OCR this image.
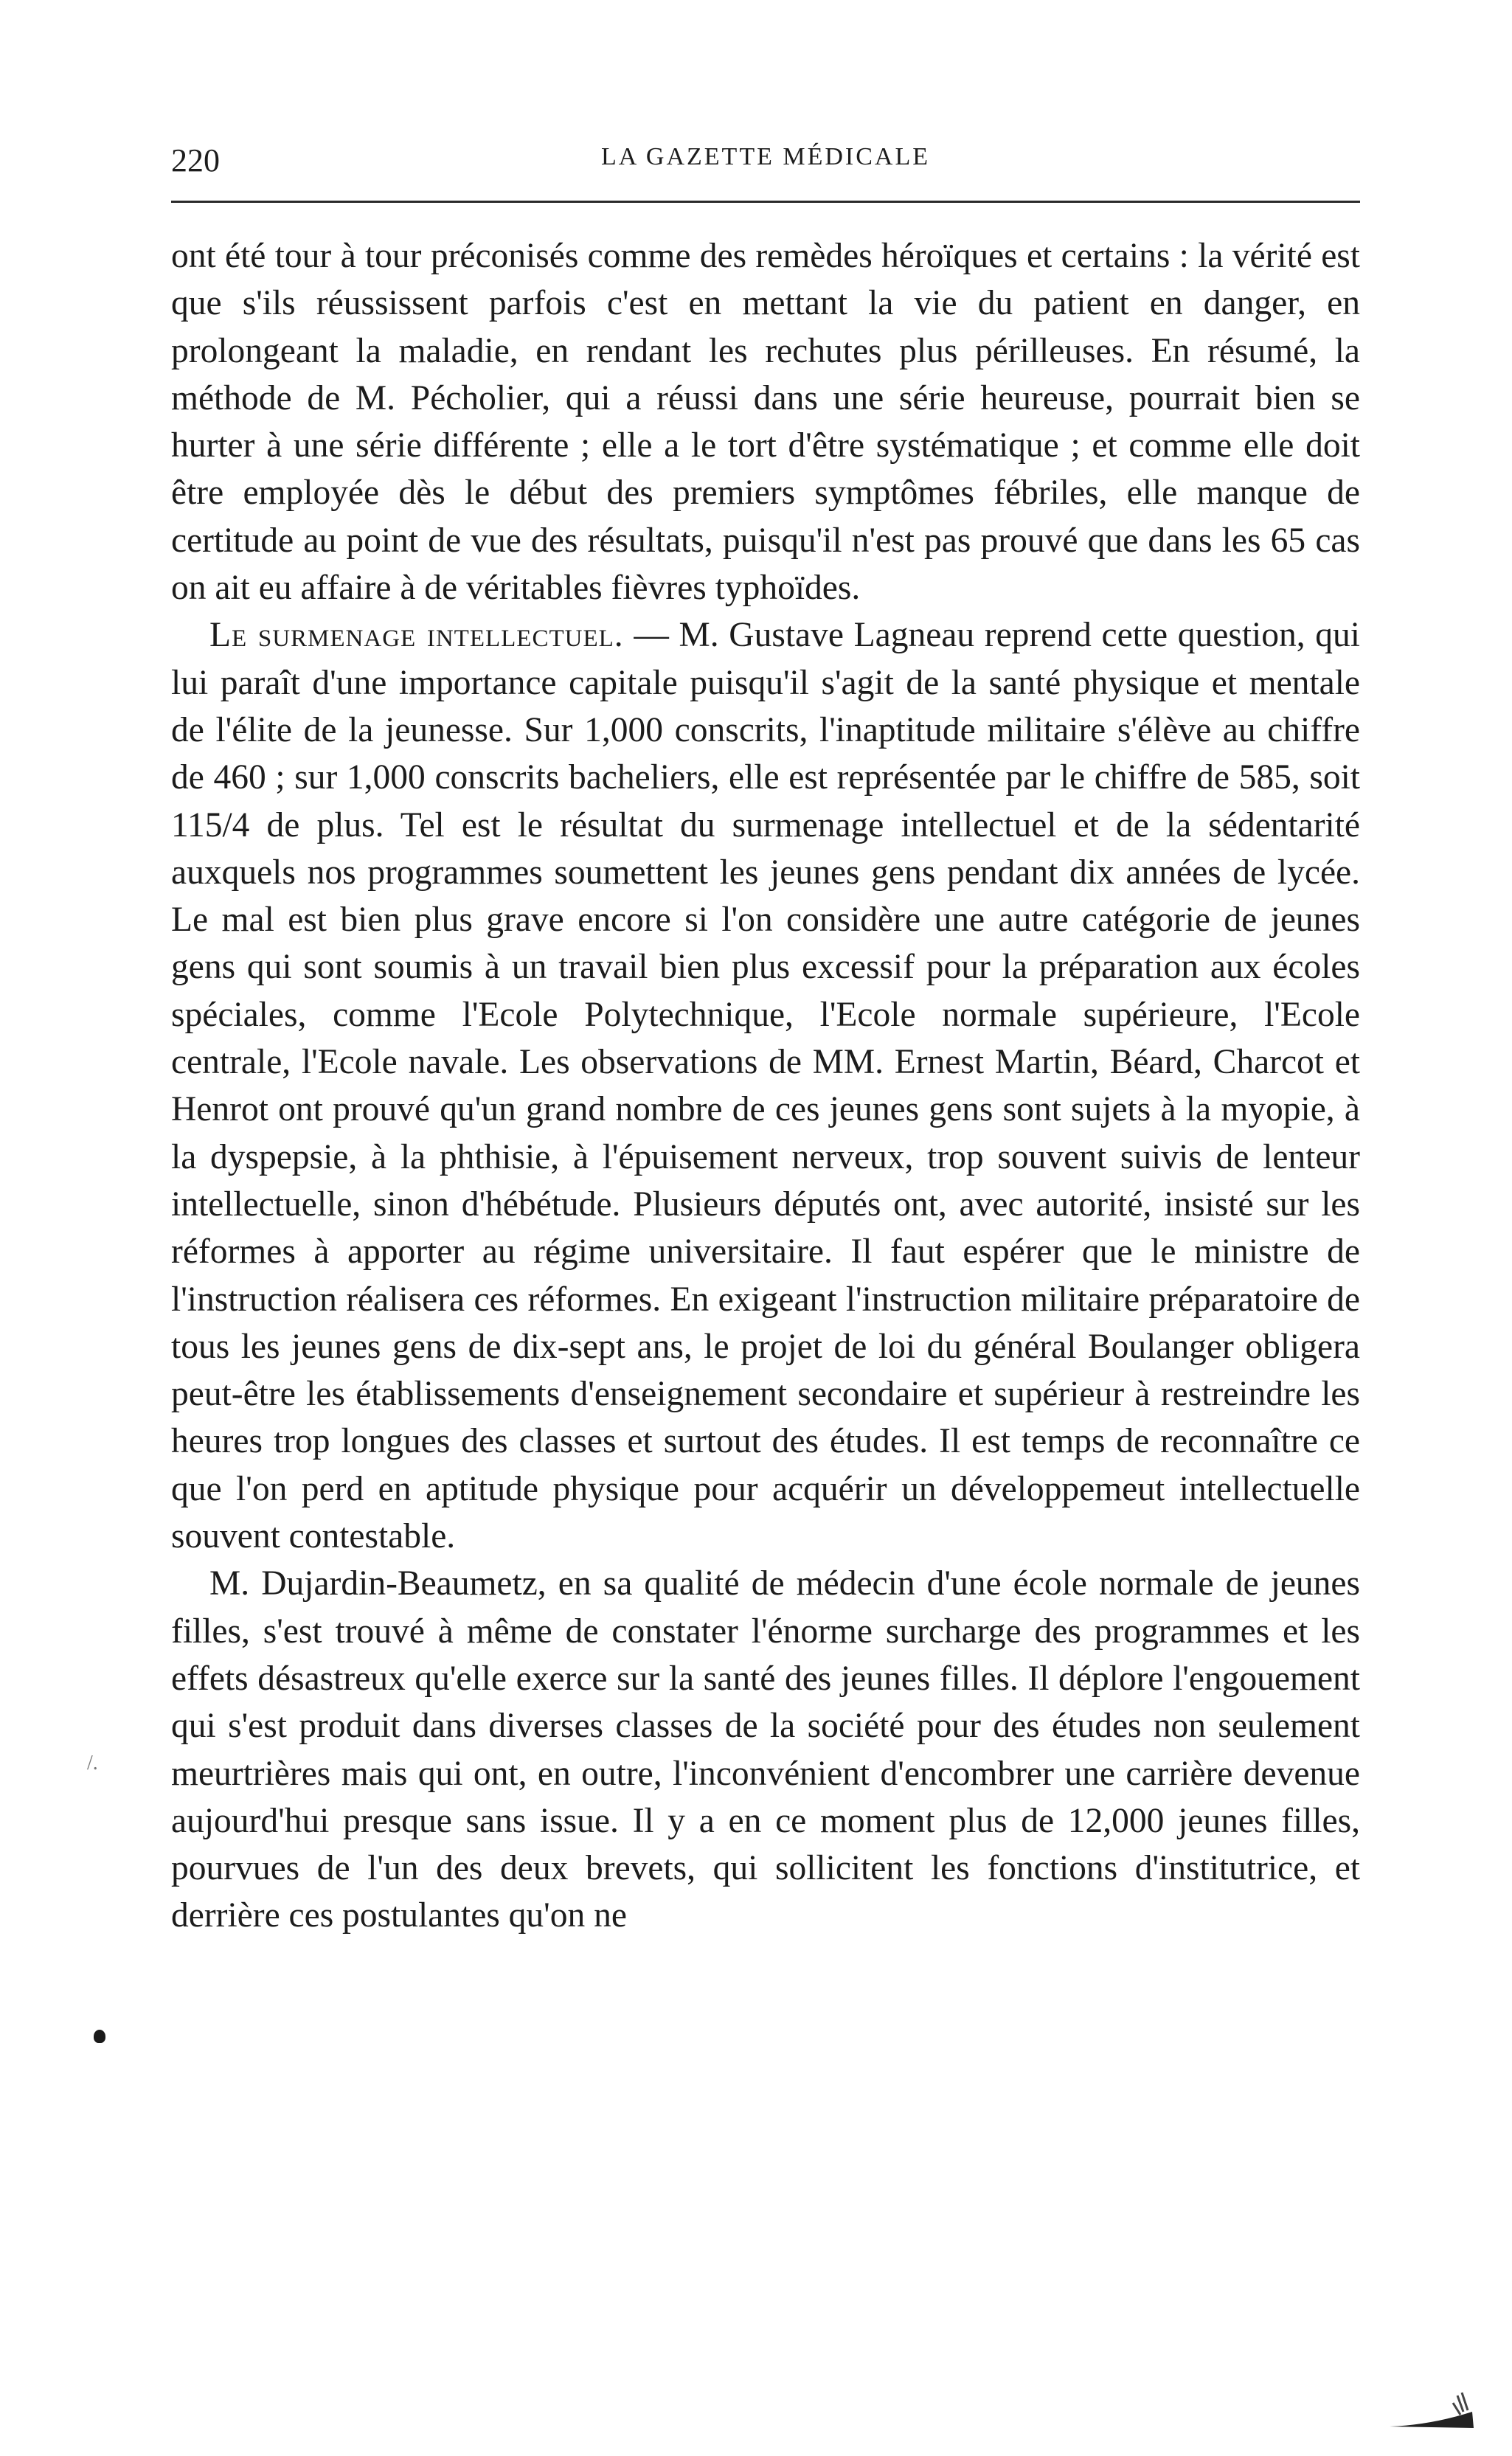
220	LA GAZETTE MÉDICALE

ont été tour à tour préconisés comme des remèdes héroïques et certains : la vérité est que s'ils réussissent parfois c'est en mettant la vie du patient en danger, en prolongeant la maladie, en rendant les rechutes plus périlleuses. En résumé, la méthode de M. Pécholier, qui a réussi dans une série heureuse, pourrait bien se hurter à une série différente ; elle a le tort d'être systématique ; et comme elle doit être employée dès le début des premiers symptômes fébriles, elle manque de certitude au point de vue des résultats, puisqu'il n'est pas prouvé que dans les 65 cas on ait eu affaire à de véritables fièvres typhoïdes.

Le surmenage intellectuel. — M. Gustave Lagneau reprend cette question, qui lui paraît d'une importance capitale puisqu'il s'agit de la santé physique et mentale de l'élite de la jeunesse. Sur 1,000 conscrits, l'inaptitude militaire s'élève au chiffre de 460 ; sur 1,000 conscrits bacheliers, elle est représentée par le chiffre de 585, soit 115/4 de plus. Tel est le résultat du surmenage intellectuel et de la sédentarité auxquels nos programmes soumettent les jeunes gens pendant dix années de lycée. Le mal est bien plus grave encore si l'on considère une autre catégorie de jeunes gens qui sont soumis à un travail bien plus excessif pour la préparation aux écoles spéciales, comme l'Ecole Polytechnique, l'Ecole normale supérieure, l'Ecole centrale, l'Ecole navale. Les observations de MM. Ernest Martin, Béard, Charcot et Henrot ont prouvé qu'un grand nombre de ces jeunes gens sont sujets à la myopie, à la dyspepsie, à la phthisie, à l'épuisement nerveux, trop souvent suivis de lenteur intellectuelle, sinon d'hébétude. Plusieurs députés ont, avec autorité, insisté sur les réformes à apporter au régime universitaire. Il faut espérer que le ministre de l'instruction réalisera ces réformes. En exigeant l'instruction militaire préparatoire de tous les jeunes gens de dix-sept ans, le projet de loi du général Boulanger obligera peut-être les établissements d'enseignement secondaire et supérieur à restreindre les heures trop longues des classes et surtout des études. Il est temps de reconnaître ce que l'on perd en aptitude physique pour acquérir un développemeut intellectuelle souvent contestable.

M. Dujardin-Beaumetz, en sa qualité de médecin d'une école normale de jeunes filles, s'est trouvé à même de constater l'énorme surcharge des programmes et les effets désastreux qu'elle exerce sur la santé des jeunes filles. Il déplore l'engouement qui s'est produit dans diverses classes de la société pour des études non seulement meurtrières mais qui ont, en outre, l'inconvénient d'encombrer une carrière devenue aujourd'hui presque sans issue. Il y a en ce moment plus de 12,000 jeunes filles, pourvues de l'un des deux brevets, qui sollicitent les fonctions d'institutrice, et derrière ces postulantes qu'on ne

/.
